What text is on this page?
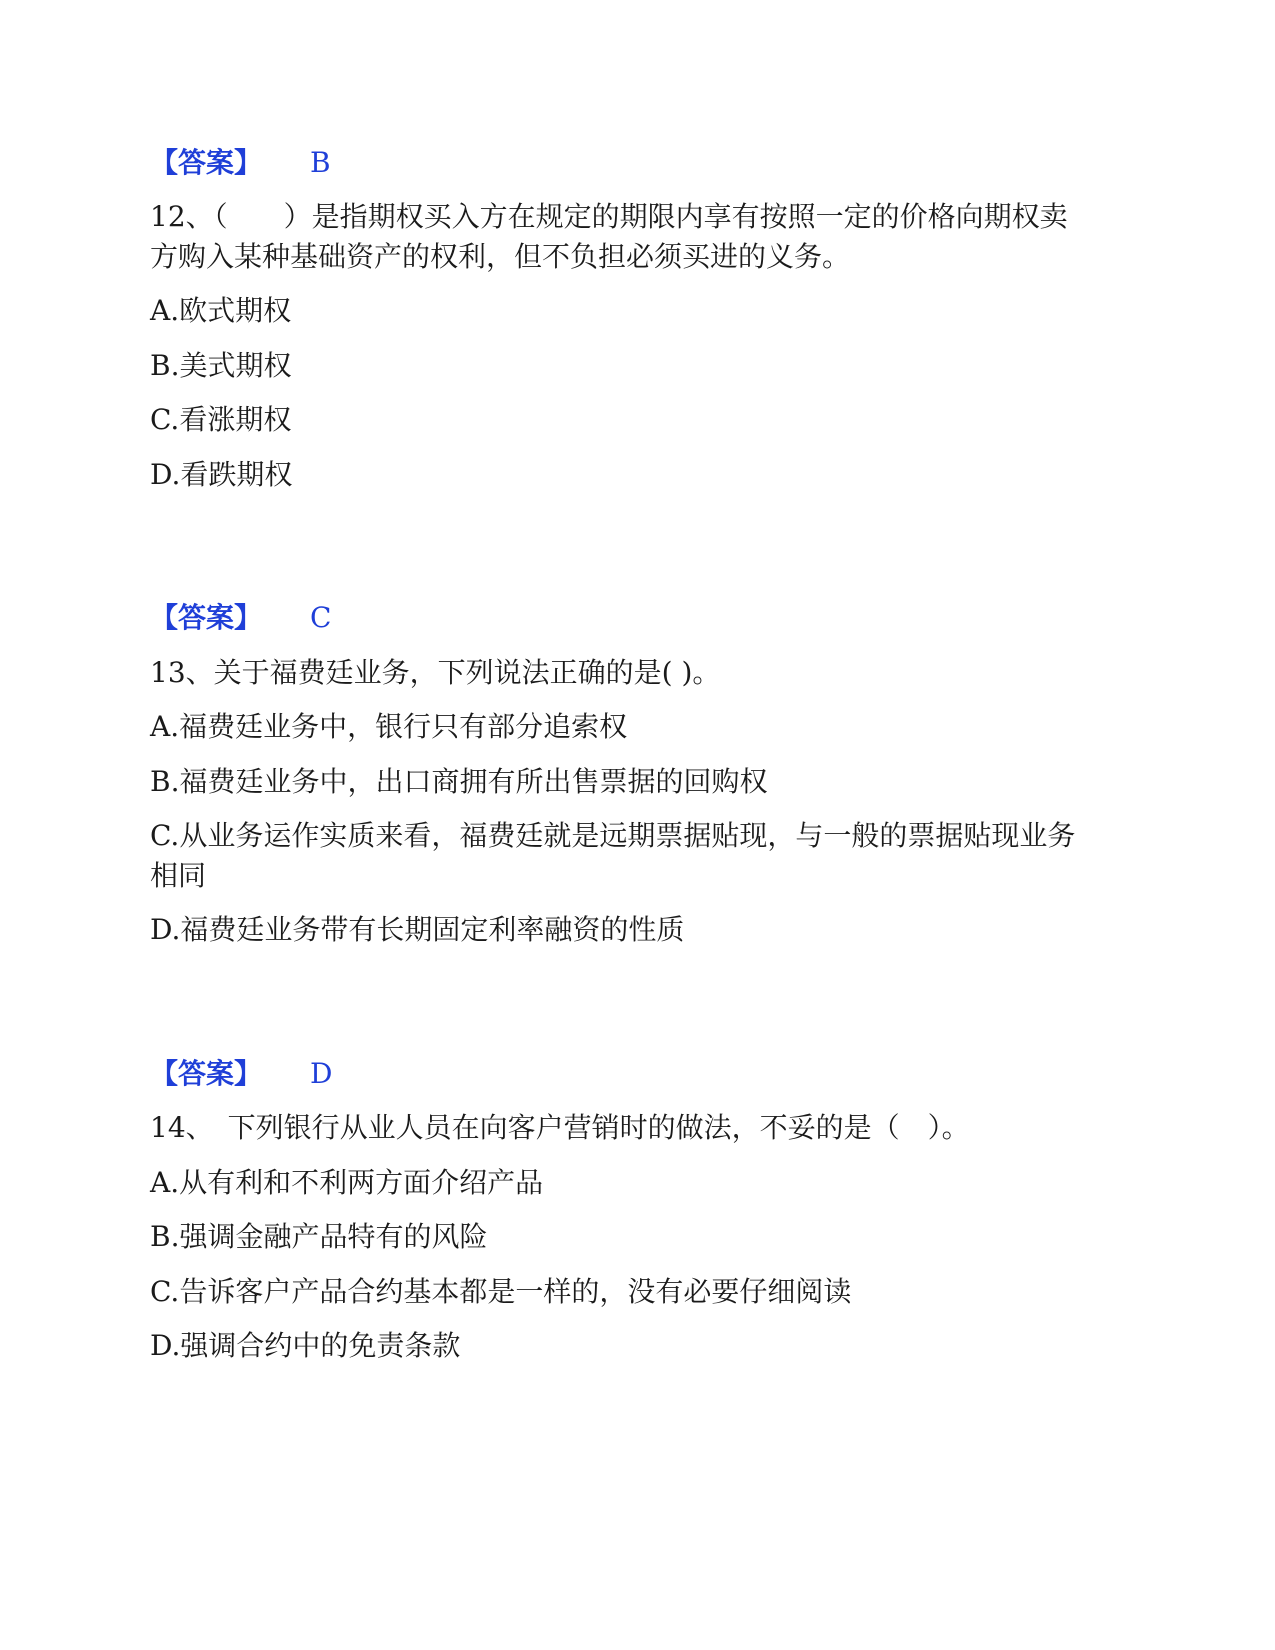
【答案】 B
12、（　　）是指期权买入方在规定的期限内享有按照一定的价格向期权卖
方购入某种基础资产的权利，但不负担必须买进的义务。
A.欧式期权
B.美式期权
C.看涨期权
D.看跌期权
【答案】 C
13、关于福费廷业务，下列说法正确的是( )。
A.福费廷业务中，银行只有部分追索权
B.福费廷业务中，出口商拥有所出售票据的回购权
C.从业务运作实质来看，福费廷就是远期票据贴现，与一般的票据贴现业务
相同
D.福费廷业务带有长期固定利率融资的性质
【答案】 D
14、　下列银行从业人员在向客户营销时的做法，不妥的是（　）。
A.从有利和不利两方面介绍产品
B.强调金融产品特有的风险
C.告诉客户产品合约基本都是一样的，没有必要仔细阅读
D.强调合约中的免责条款
